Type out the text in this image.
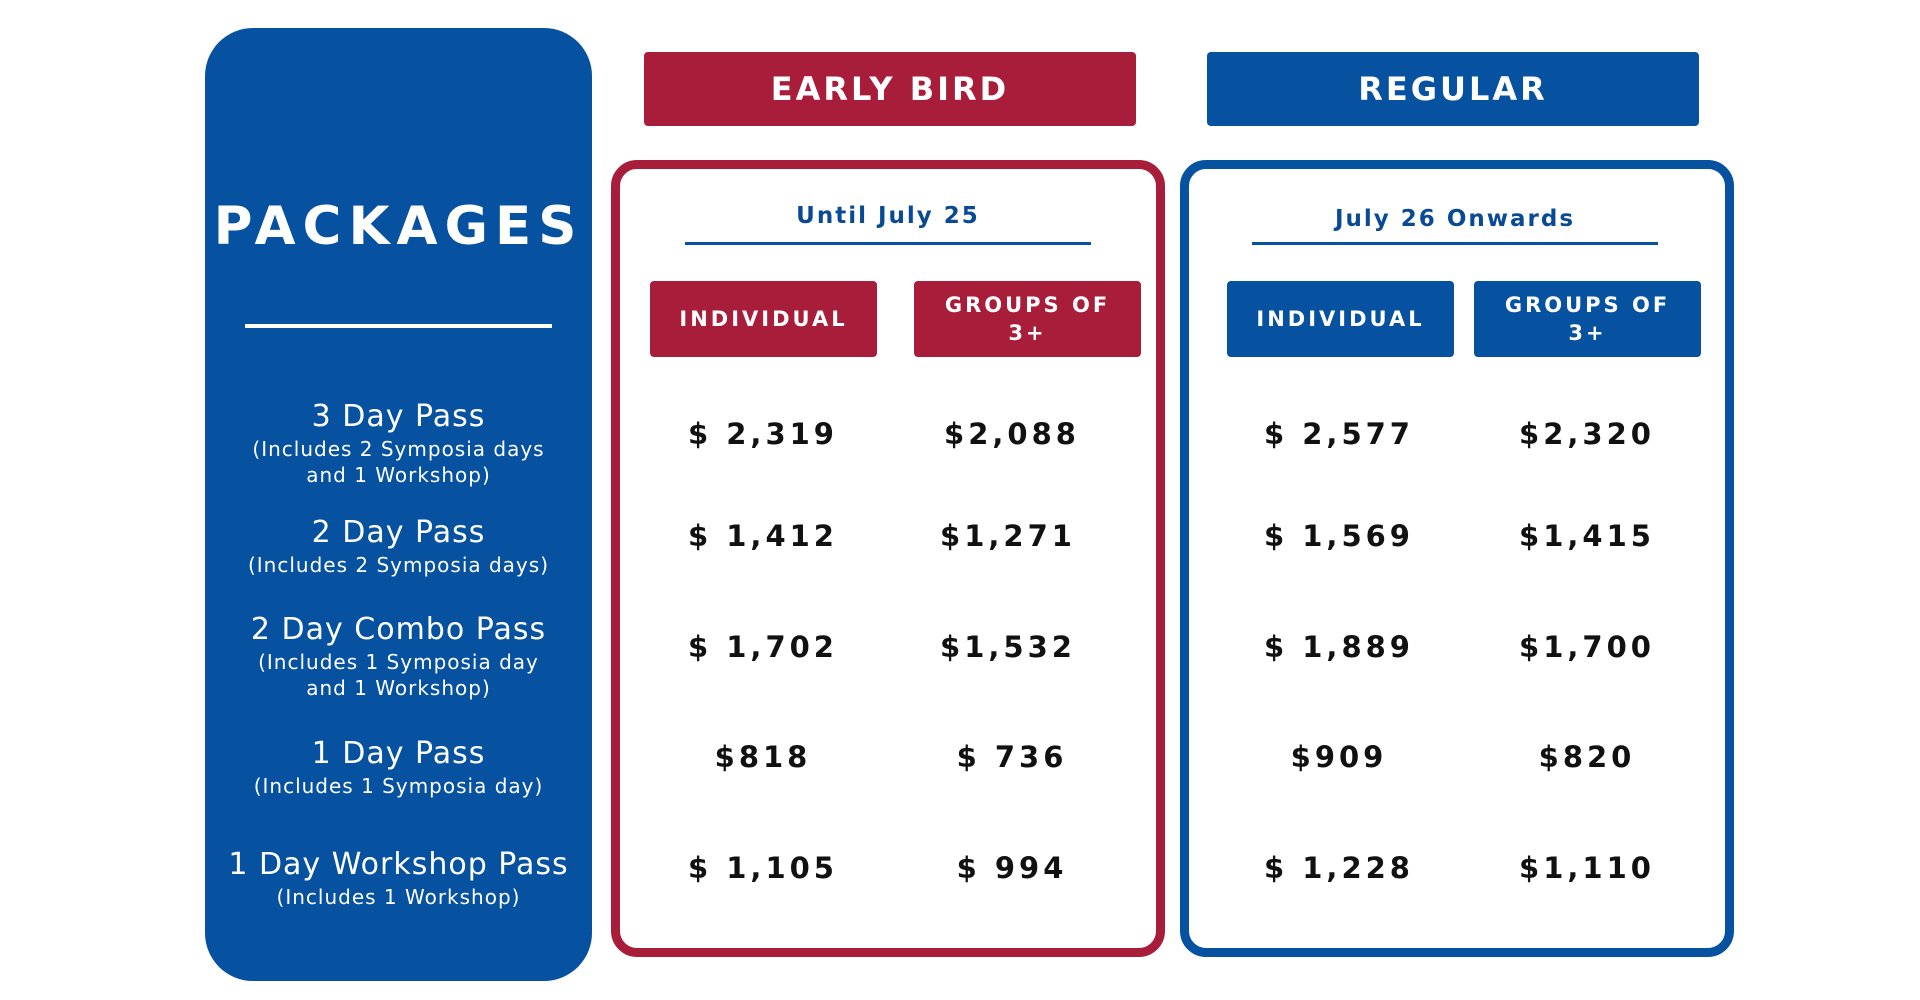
PACKAGES
3 Day Pass
(Includes 2 Symposia days and 1 Workshop)
2 Day Pass
(Includes 2 Symposia days)
2 Day Combo Pass
(Includes 1 Symposia day and 1 Workshop)
1 Day Pass
(Includes 1 Symposia day)
1 Day Workshop Pass
(Includes 1 Workshop)
EARLY BIRD	REGULAR
Until July 25
INDIVIDUAL
GROUPS OF 3+
$ 2,319
$ 1,412
$ 1,702
$818
$ 1,105
$2,088
$1,271
$1,532
$ 736
$ 994
July 26 Onwards
INDIVIDUAL
GROUPS OF 3+
$ 2,577
$ 1,569
$ 1,889
$909
$ 1,228
$2,320
$1,415
$1,700
$820
$1,110
